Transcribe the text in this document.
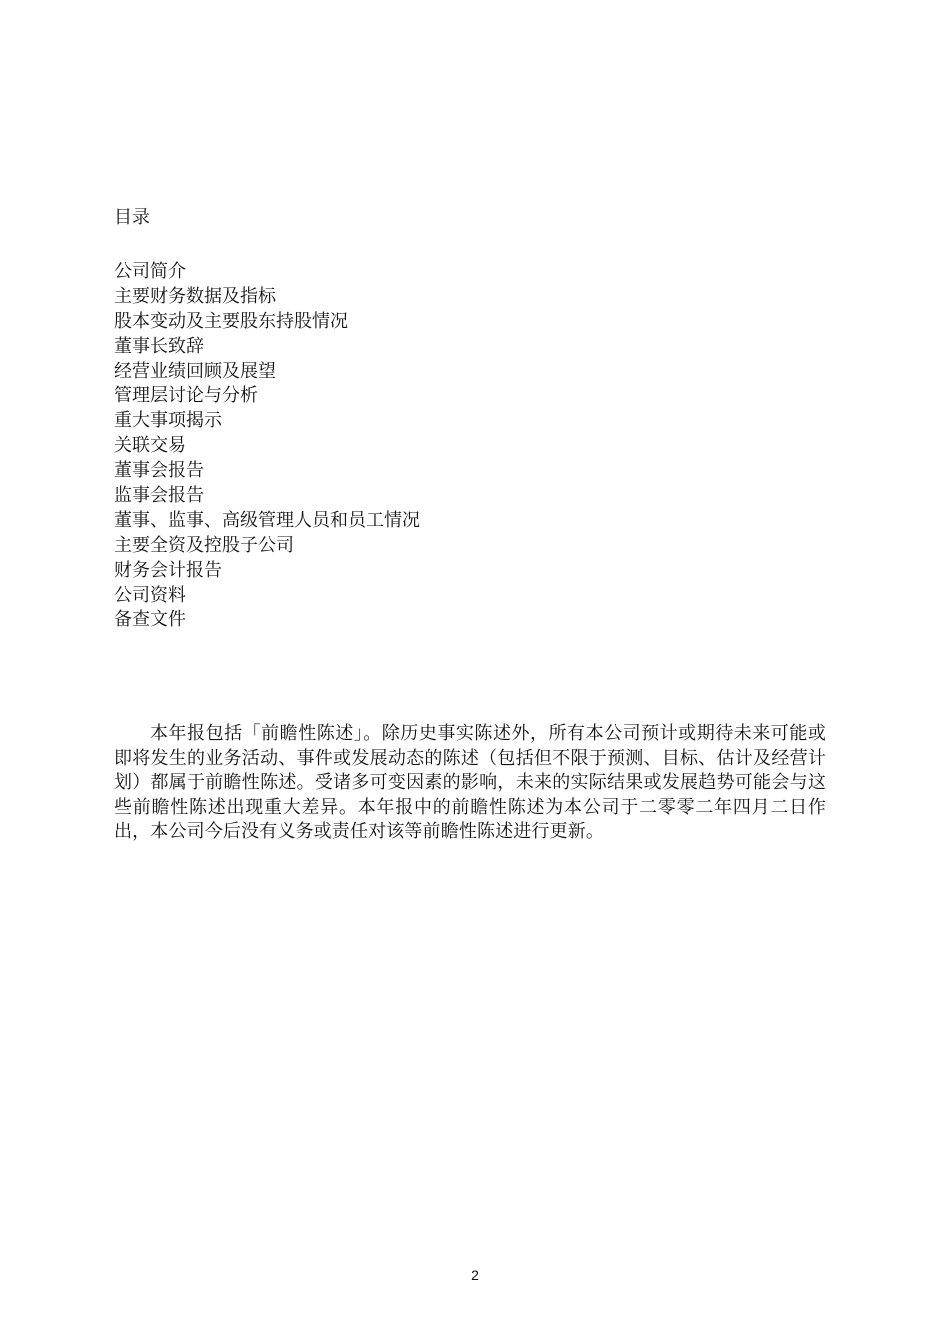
目录
公司简介
主要财务数据及指标
股本变动及主要股东持股情况
董事长致辞
经营业绩回顾及展望
管理层讨论与分析
重大事项揭示
关联交易
董事会报告
监事会报告
董事、监事、高级管理人员和员工情况
主要全资及控股子公司
财务会计报告
公司资料
备查文件

本年报包括「前瞻性陈述」。除历史事实陈述外，所有本公司预计或期待未来可能或即将发生的业务活动、事件或发展动态的陈述（包括但不限于预测、目标、估计及经营计划）都属于前瞻性陈述。受诸多可变因素的影响，未来的实际结果或发展趋势可能会与这些前瞻性陈述出现重大差异。本年报中的前瞻性陈述为本公司于二零零二年四月二日作出，本公司今后没有义务或责任对该等前瞻性陈述进行更新。

2
